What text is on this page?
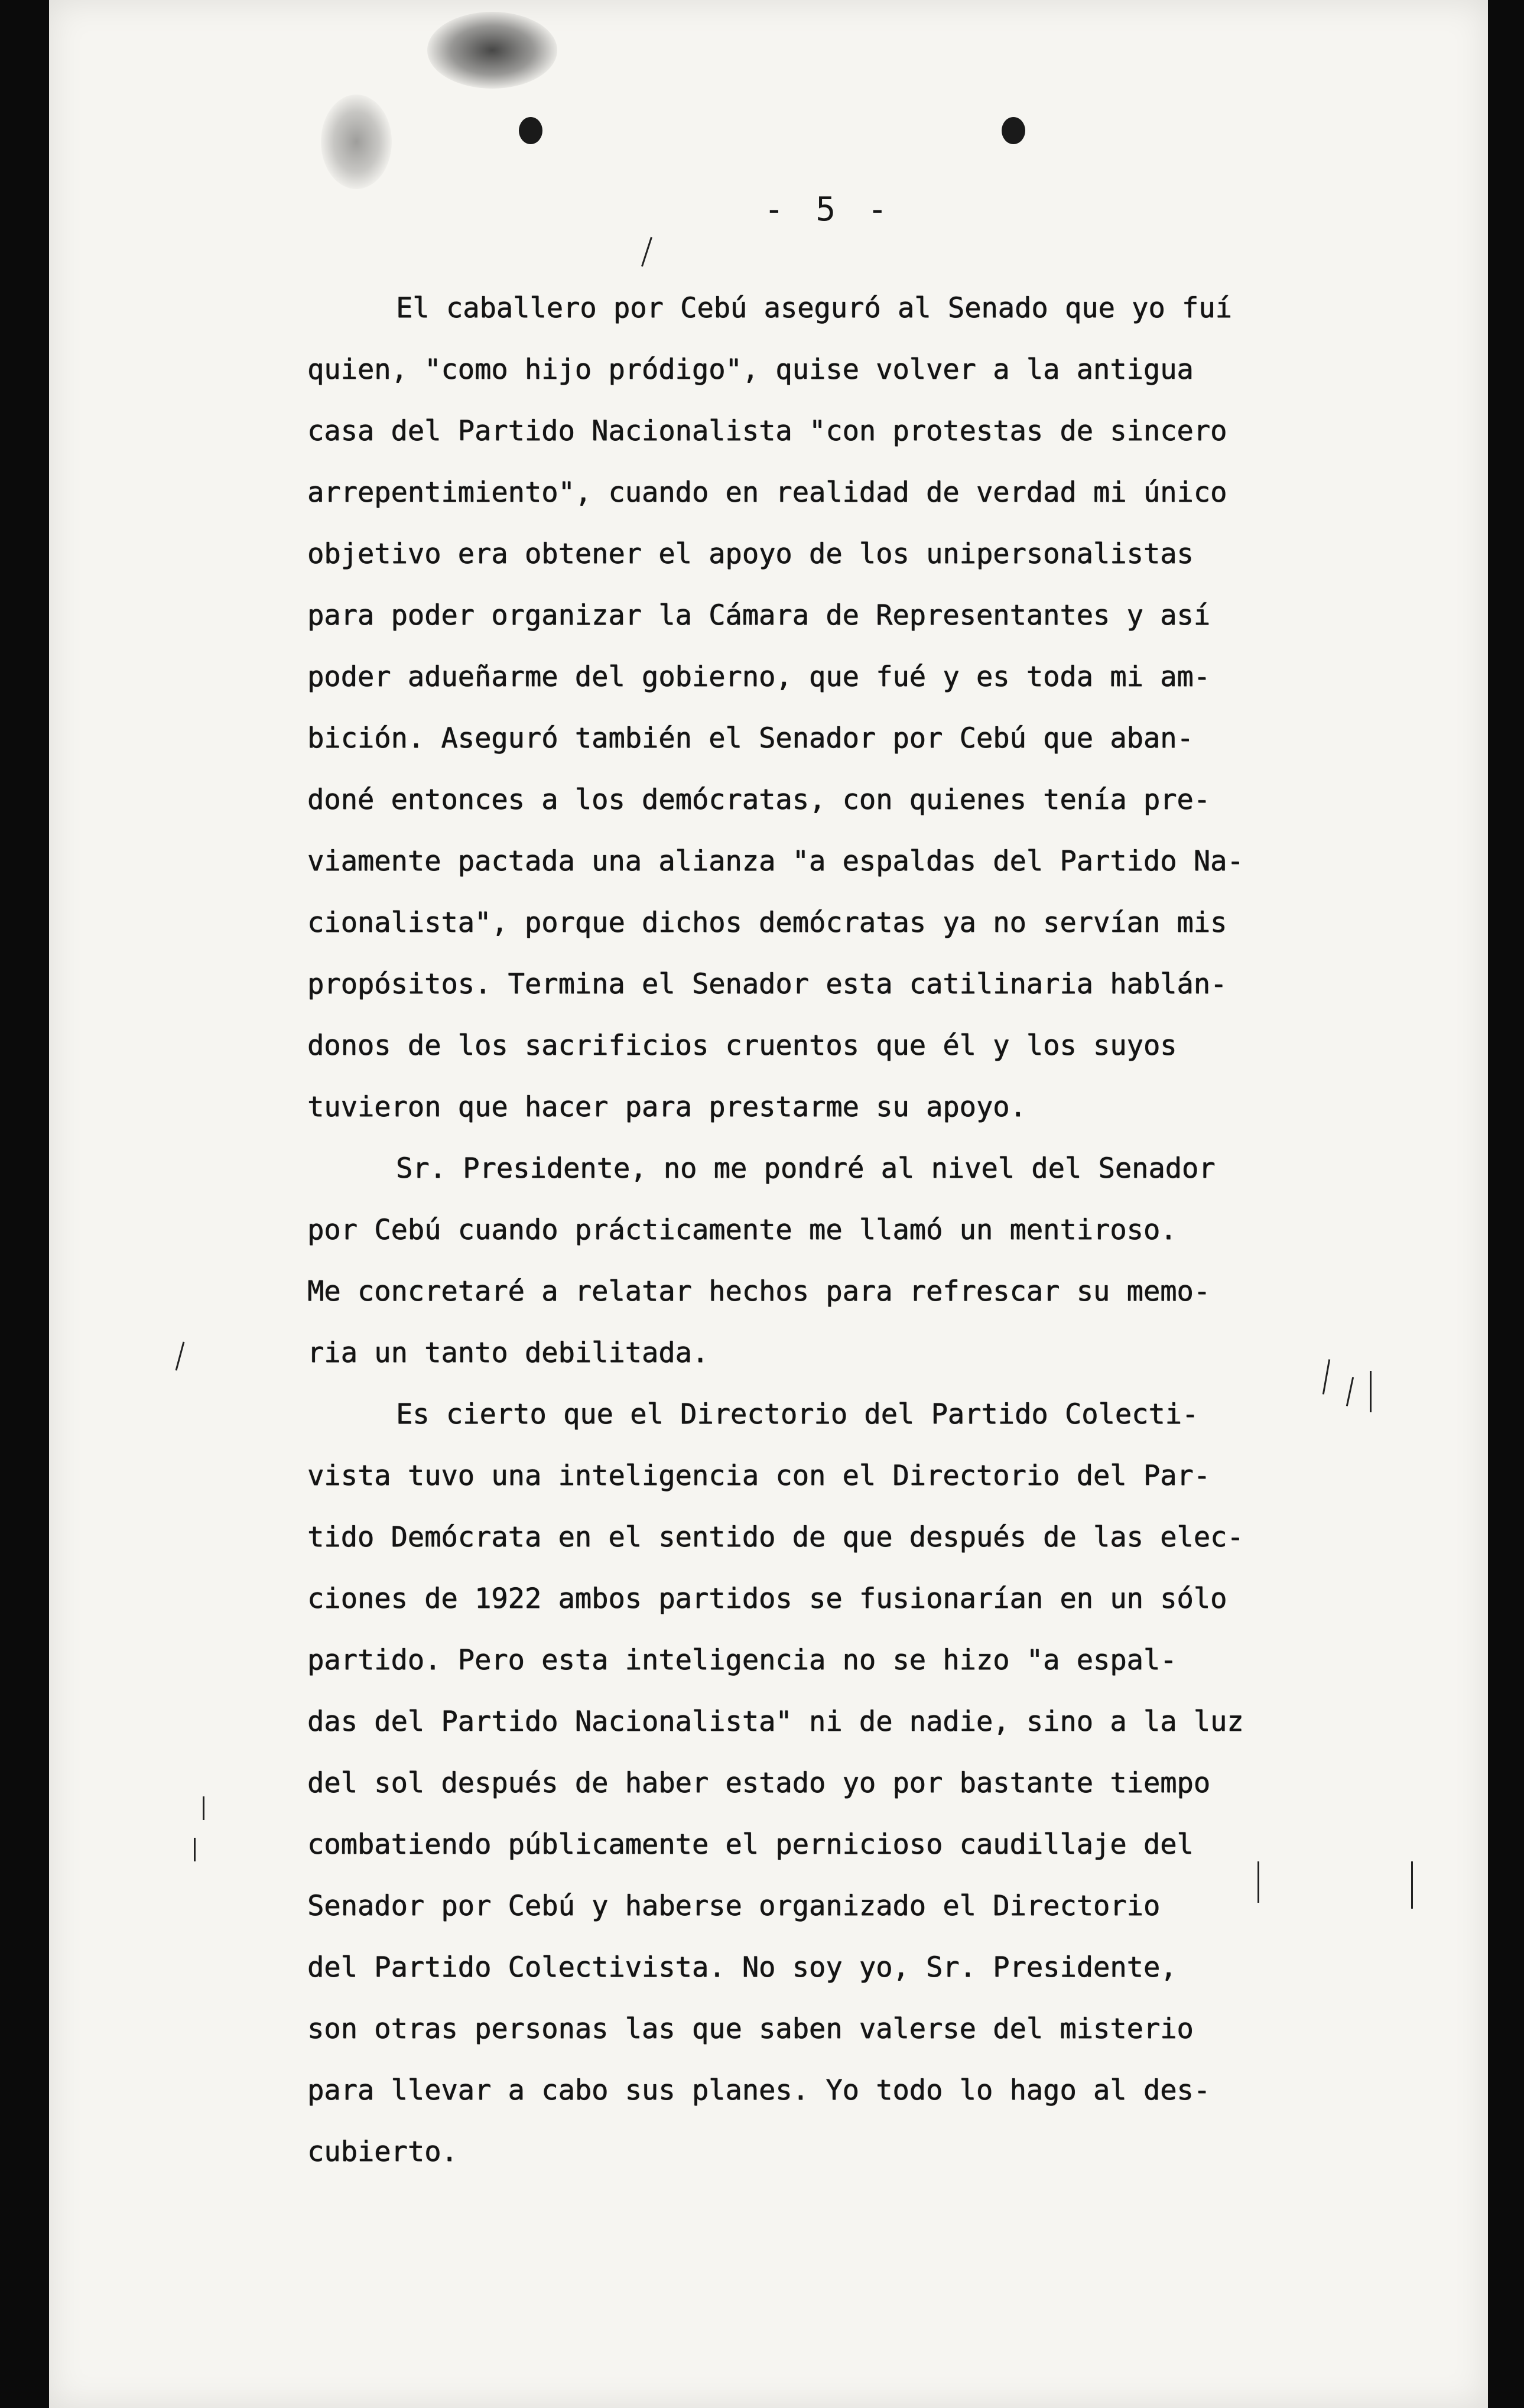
- 5 -
El caballero por Cebú aseguró al Senado que yo fuí
quien, "como hijo pródigo", quise volver a la antigua
casa del Partido Nacionalista "con protestas de sincero
arrepentimiento", cuando en realidad de verdad mi único
objetivo era obtener el apoyo de los unipersonalistas
para poder organizar la Cámara de Representantes y así
poder adueñarme del gobierno, que fué y es toda mi am-
bición. Aseguró también el Senador por Cebú que aban-
doné entonces a los demócratas, con quienes tenía pre-
viamente pactada una alianza "a espaldas del Partido Na-
cionalista", porque dichos demócratas ya no servían mis
propósitos. Termina el Senador esta catilinaria hablán-
donos de los sacrificios cruentos que él y los suyos
tuvieron que hacer para prestarme su apoyo.
Sr. Presidente, no me pondré al nivel del Senador
por Cebú cuando prácticamente me llamó un mentiroso.
Me concretaré a relatar hechos para refrescar su memo-
ria un tanto debilitada.
Es cierto que el Directorio del Partido Colecti-
vista tuvo una inteligencia con el Directorio del Par-
tido Demócrata en el sentido de que después de las elec-
ciones de 1922 ambos partidos se fusionarían en un sólo
partido. Pero esta inteligencia no se hizo "a espal-
das del Partido Nacionalista" ni de nadie, sino a la luz
del sol después de haber estado yo por bastante tiempo
combatiendo públicamente el pernicioso caudillaje del
Senador por Cebú y haberse organizado el Directorio
del Partido Colectivista. No soy yo, Sr. Presidente,
son otras personas las que saben valerse del misterio
para llevar a cabo sus planes. Yo todo lo hago al des-
cubierto.
